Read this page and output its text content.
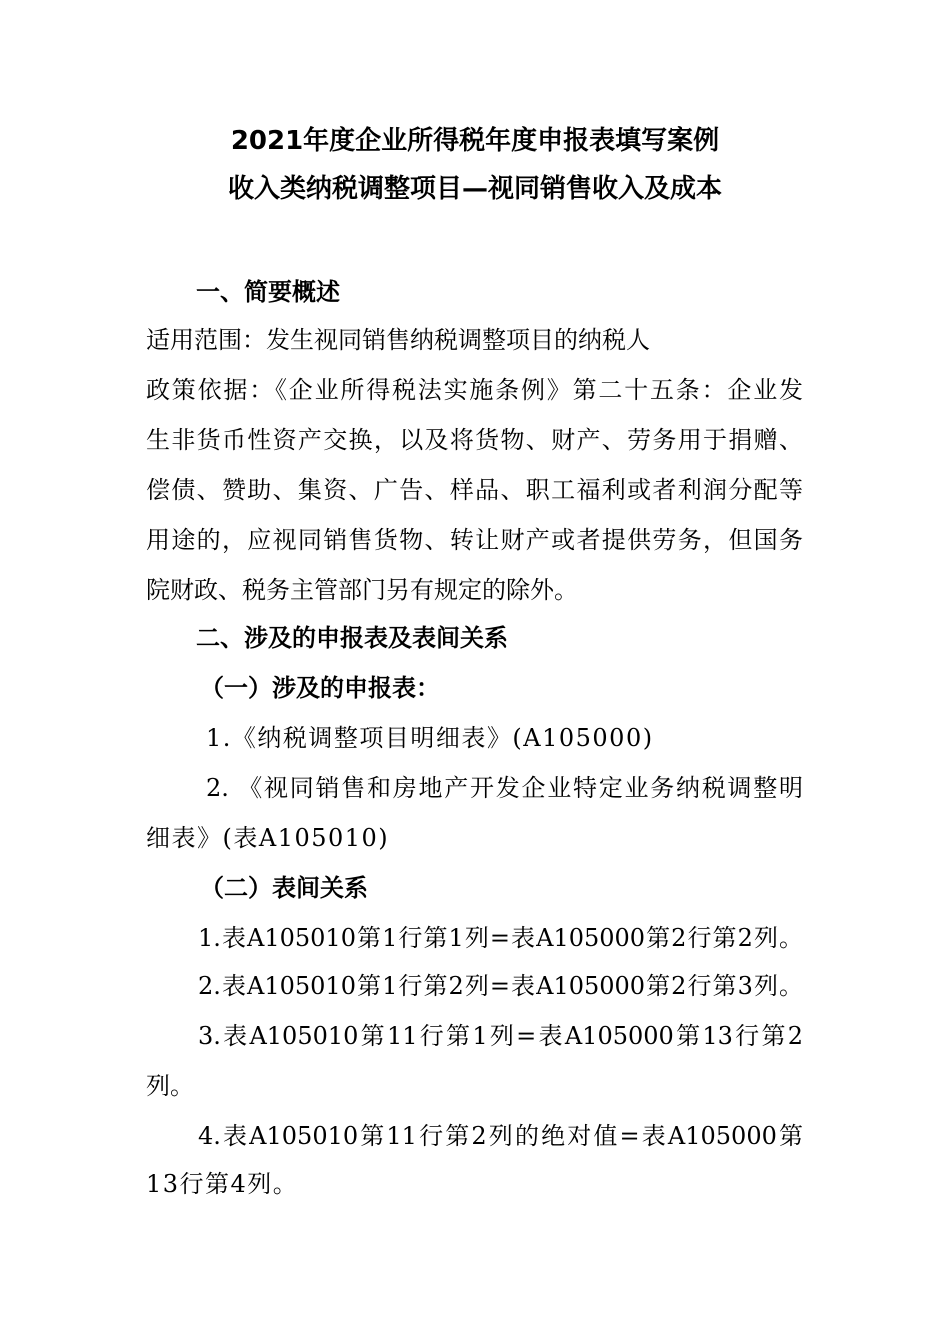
2021年度企业所得税年度申报表填写案例
收入类纳税调整项目—视同销售收入及成本
一、简要概述
适用范围：发生视同销售纳税调整项目的纳税人
政策依据：《企业所得税法实施条例》第二十五条：企业发
生非货币性资产交换，以及将货物、财产、劳务用于捐赠、
偿债、赞助、集资、广告、样品、职工福利或者利润分配等
用途的，应视同销售货物、转让财产或者提供劳务，但国务
院财政、税务主管部门另有规定的除外。
二、涉及的申报表及表间关系
（一）涉及的申报表：
1.《纳税调整项目明细表》(A105000)
2. 《视同销售和房地产开发企业特定业务纳税调整明
细表》(表A105010)
（二）表间关系
1.表A105010第1行第1列=表A105000第2行第2列。
2.表A105010第1行第2列=表A105000第2行第3列。
3.表A105010第11行第1列=表A105000第13行第2
列。
4.表A105010第11行第2列的绝对值=表A105000第
13行第4列。
